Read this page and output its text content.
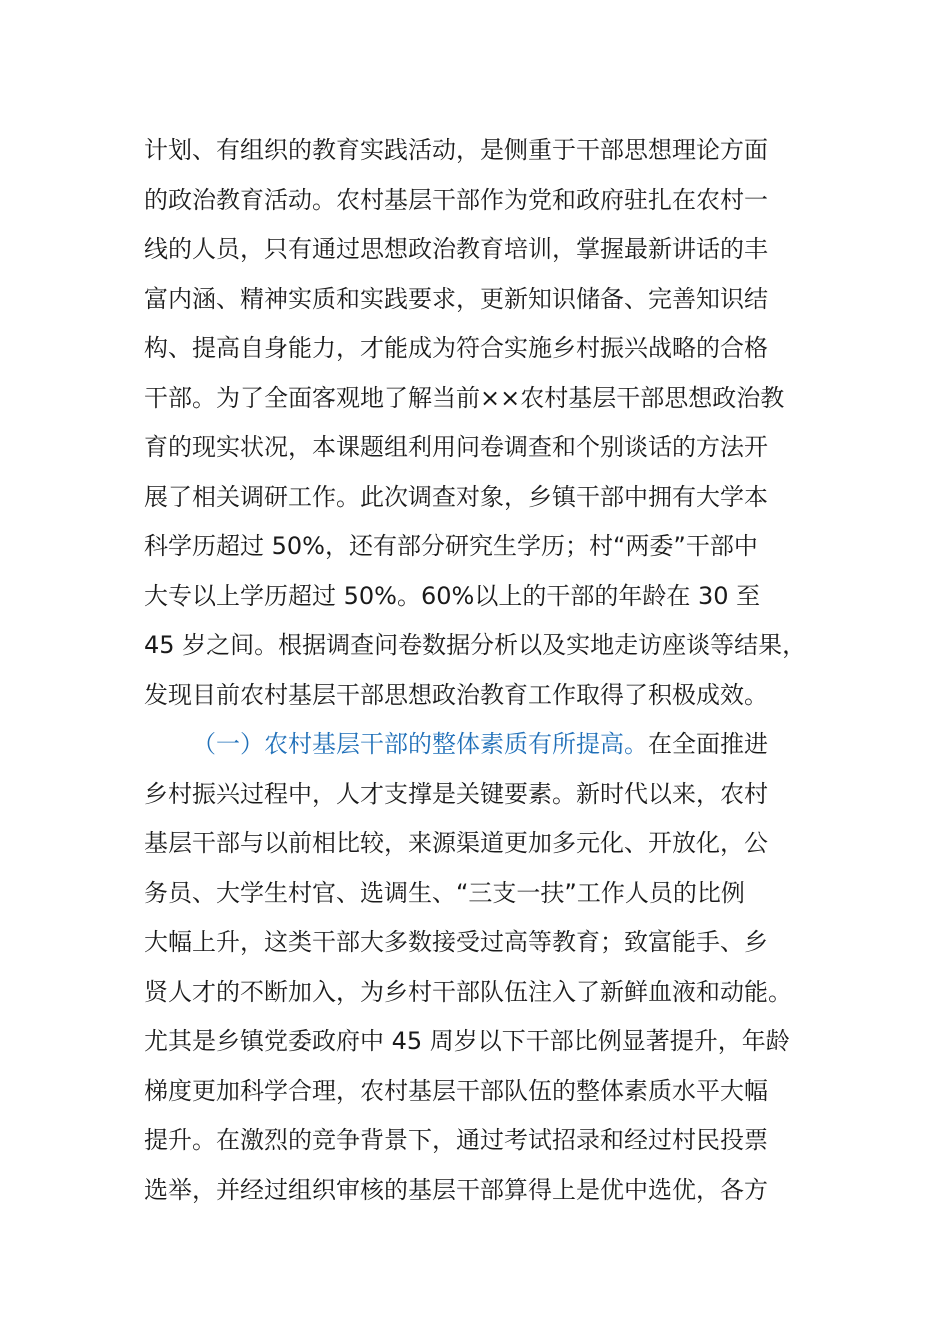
计划、有组织的教育实践活动，是侧重于干部思想理论方面
的政治教育活动。农村基层干部作为党和政府驻扎在农村一
线的人员，只有通过思想政治教育培训，掌握最新讲话的丰
富内涵、精神实质和实践要求，更新知识储备、完善知识结
构、提高自身能力，才能成为符合实施乡村振兴战略的合格
干部。为了全面客观地了解当前××农村基层干部思想政治教
育的现实状况，本课题组利用问卷调查和个别谈话的方法开
展了相关调研工作。此次调查对象，乡镇干部中拥有大学本
科学历超过 50%，还有部分研究生学历；村“两委”干部中
大专以上学历超过 50%。60%以上的干部的年龄在 30 至
45 岁之间。根据调查问卷数据分析以及实地走访座谈等结果，
发现目前农村基层干部思想政治教育工作取得了积极成效。
（一）农村基层干部的整体素质有所提高。在全面推进
乡村振兴过程中，人才支撑是关键要素。新时代以来，农村
基层干部与以前相比较，来源渠道更加多元化、开放化，公
务员、大学生村官、选调生、“三支一扶”工作人员的比例
大幅上升，这类干部大多数接受过高等教育；致富能手、乡
贤人才的不断加入，为乡村干部队伍注入了新鲜血液和动能。
尤其是乡镇党委政府中 45 周岁以下干部比例显著提升，年龄
梯度更加科学合理，农村基层干部队伍的整体素质水平大幅
提升。在激烈的竞争背景下，通过考试招录和经过村民投票
选举，并经过组织审核的基层干部算得上是优中选优，各方
